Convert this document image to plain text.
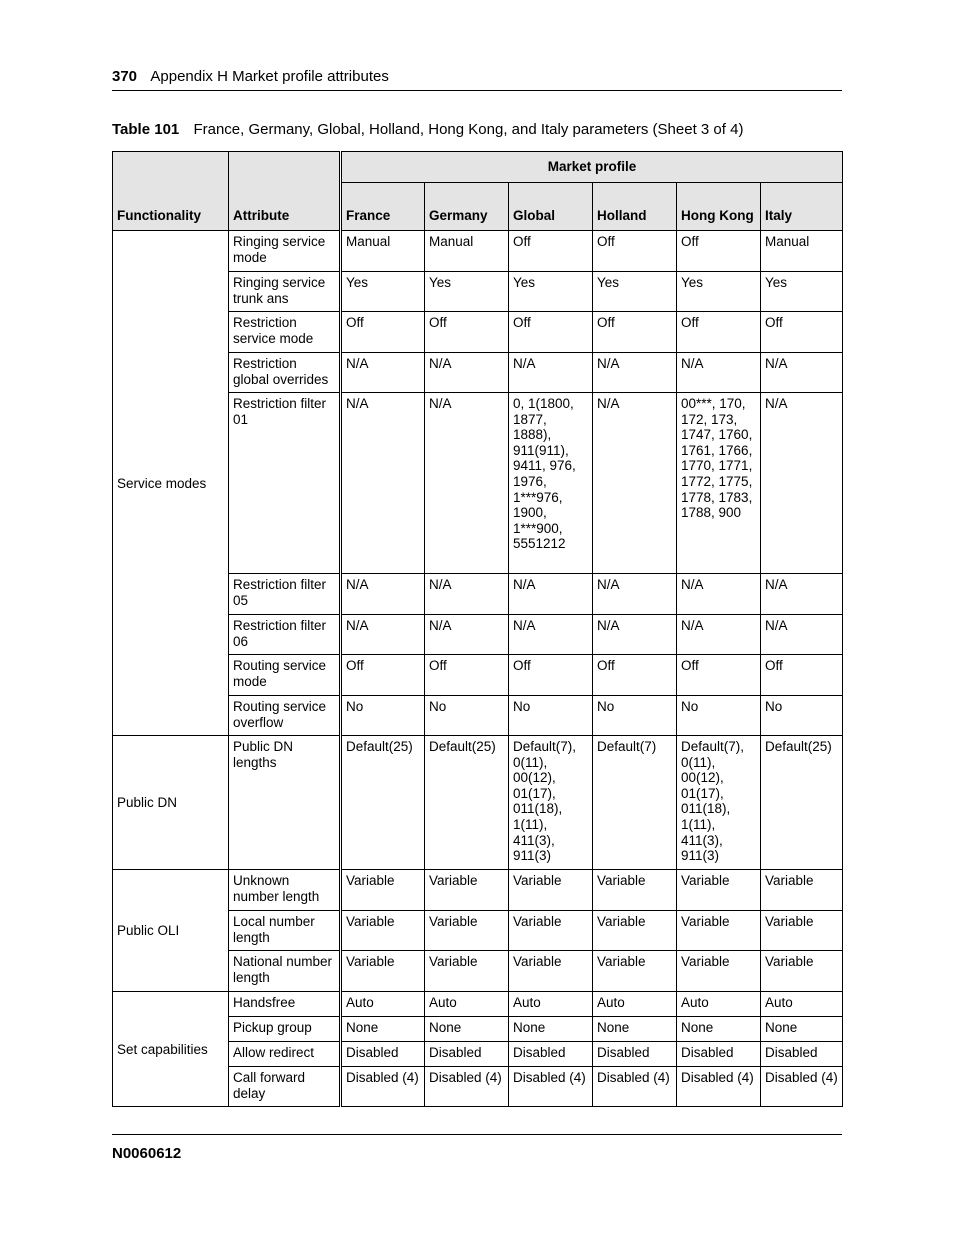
370 Appendix H Market profile attributes
Table 101 France, Germany, Global, Holland, Hong Kong, and Italy parameters (Sheet 3 of 4)
Functionality	Attribute	Market profile					
		France	Germany	Global	Holland	Hong Kong	Italy
Service modes	Ringing service mode	Manual	Manual	Off	Off	Off	Manual
	Ringing service trunk ans	Yes	Yes	Yes	Yes	Yes	Yes
	Restriction service mode	Off	Off	Off	Off	Off	Off
	Restriction global overrides	N/A	N/A	N/A	N/A	N/A	N/A
	Restriction filter 01	N/A	N/A	0, 1(1800, 1877, 1888), 911(911), 9411, 976, 1976, 1***976, 1900, 1***900, 5551212	N/A	00***, 170, 172, 173, 1747, 1760, 1761, 1766, 1770, 1771, 1772, 1775, 1778, 1783, 1788, 900	N/A
	Restriction filter 05	N/A	N/A	N/A	N/A	N/A	N/A
	Restriction filter 06	N/A	N/A	N/A	N/A	N/A	N/A
	Routing service mode	Off	Off	Off	Off	Off	Off
	Routing service overflow	No	No	No	No	No	No
Public DN	Public DN lengths	Default(25)	Default(25)	Default(7), 0(11), 00(12), 01(17), 011(18), 1(11), 411(3), 911(3)	Default(7)	Default(7), 0(11), 00(12), 01(17), 011(18), 1(11), 411(3), 911(3)	Default(25)
Public OLI	Unknown number length	Variable	Variable	Variable	Variable	Variable	Variable
	Local number length	Variable	Variable	Variable	Variable	Variable	Variable
	National number length	Variable	Variable	Variable	Variable	Variable	Variable
Set capabilities	Handsfree	Auto	Auto	Auto	Auto	Auto	Auto
	Pickup group	None	None	None	None	None	None
	Allow redirect	Disabled	Disabled	Disabled	Disabled	Disabled	Disabled
	Call forward delay	Disabled (4)	Disabled (4)	Disabled (4)	Disabled (4)	Disabled (4)	Disabled (4)
N0060612
